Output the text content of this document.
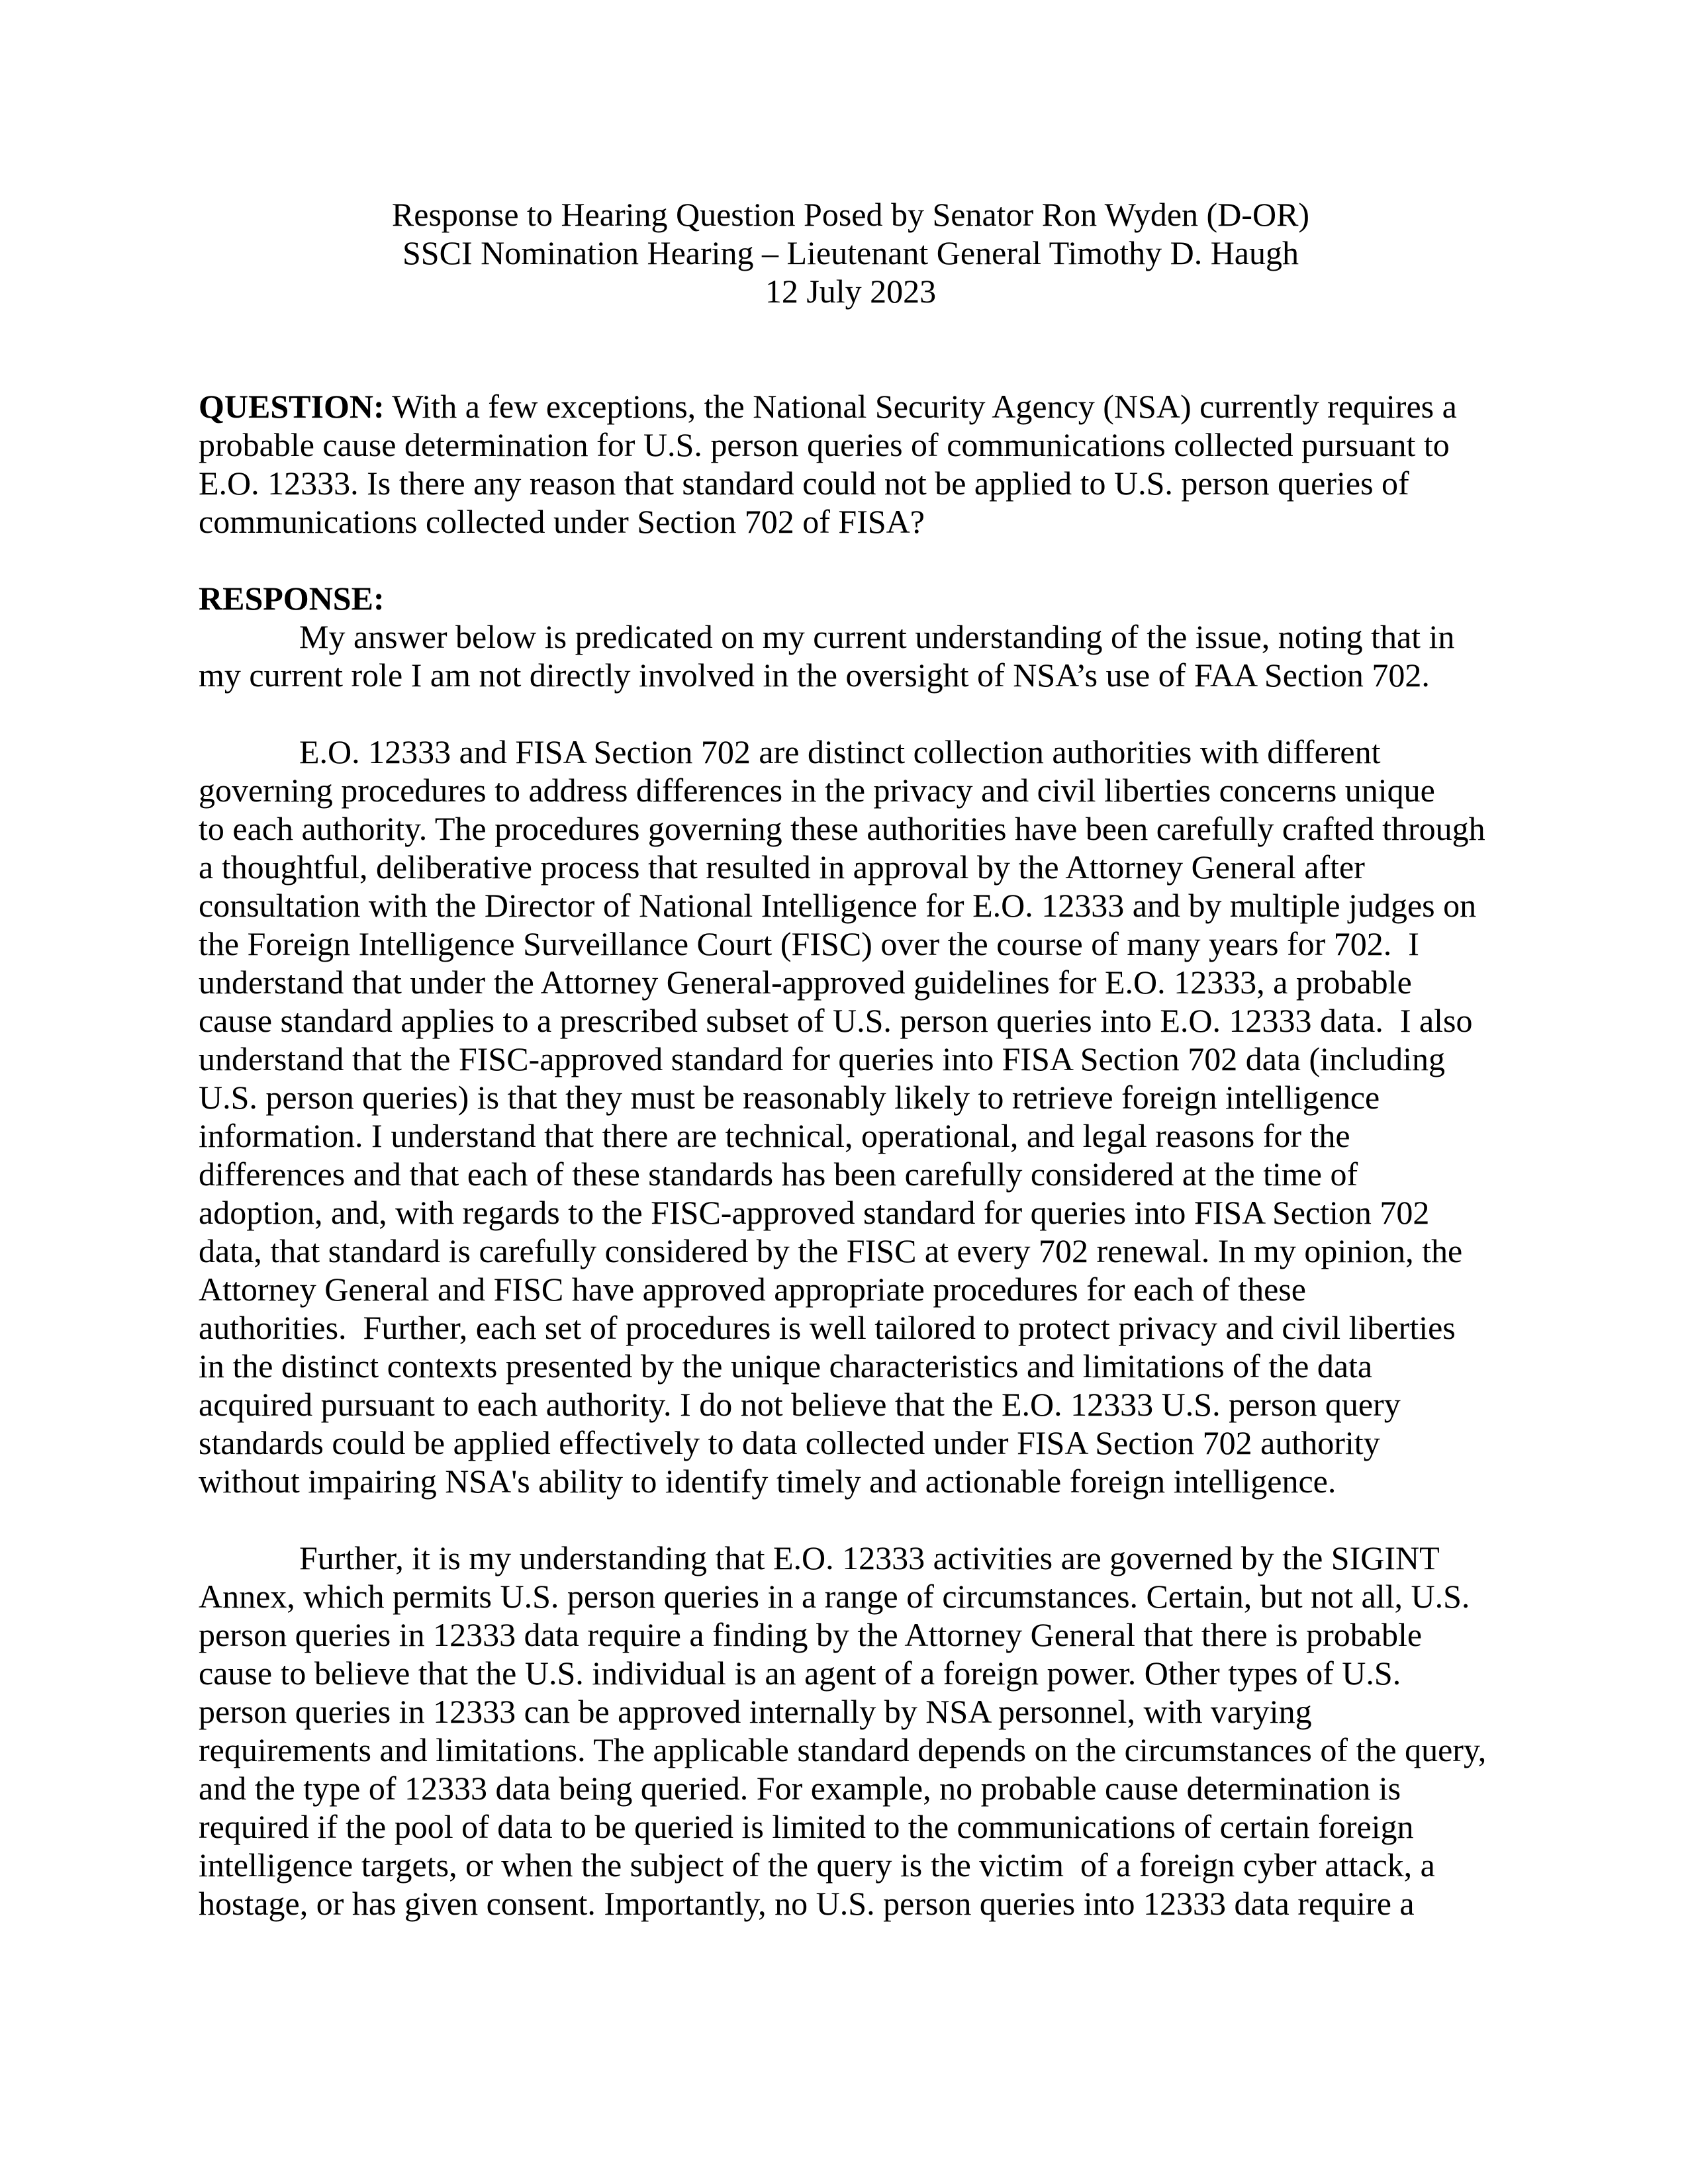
Response to Hearing Question Posed by Senator Ron Wyden (D-OR)
SSCI Nomination Hearing – Lieutenant General Timothy D. Haugh
12 July 2023
QUESTION: With a few exceptions, the National Security Agency (NSA) currently requires a
probable cause determination for U.S. person queries of communications collected pursuant to
E.O. 12333. Is there any reason that standard could not be applied to U.S. person queries of
communications collected under Section 702 of FISA?
RESPONSE:
My answer below is predicated on my current understanding of the issue, noting that in
my current role I am not directly involved in the oversight of NSA’s use of FAA Section 702.
E.O. 12333 and FISA Section 702 are distinct collection authorities with different
governing procedures to address differences in the privacy and civil liberties concerns unique
to each authority. The procedures governing these authorities have been carefully crafted through
a thoughtful, deliberative process that resulted in approval by the Attorney General after
consultation with the Director of National Intelligence for E.O. 12333 and by multiple judges on
the Foreign Intelligence Surveillance Court (FISC) over the course of many years for 702.  I
understand that under the Attorney General-approved guidelines for E.O. 12333, a probable
cause standard applies to a prescribed subset of U.S. person queries into E.O. 12333 data.  I also
understand that the FISC-approved standard for queries into FISA Section 702 data (including
U.S. person queries) is that they must be reasonably likely to retrieve foreign intelligence
information. I understand that there are technical, operational, and legal reasons for the
differences and that each of these standards has been carefully considered at the time of
adoption, and, with regards to the FISC-approved standard for queries into FISA Section 702
data, that standard is carefully considered by the FISC at every 702 renewal. In my opinion, the
Attorney General and FISC have approved appropriate procedures for each of these
authorities.  Further, each set of procedures is well tailored to protect privacy and civil liberties
in the distinct contexts presented by the unique characteristics and limitations of the data
acquired pursuant to each authority. I do not believe that the E.O. 12333 U.S. person query
standards could be applied effectively to data collected under FISA Section 702 authority
without impairing NSA's ability to identify timely and actionable foreign intelligence.
Further, it is my understanding that E.O. 12333 activities are governed by the SIGINT
Annex, which permits U.S. person queries in a range of circumstances. Certain, but not all, U.S.
person queries in 12333 data require a finding by the Attorney General that there is probable
cause to believe that the U.S. individual is an agent of a foreign power. Other types of U.S.
person queries in 12333 can be approved internally by NSA personnel, with varying
requirements and limitations. The applicable standard depends on the circumstances of the query,
and the type of 12333 data being queried. For example, no probable cause determination is
required if the pool of data to be queried is limited to the communications of certain foreign
intelligence targets, or when the subject of the query is the victim  of a foreign cyber attack, a
hostage, or has given consent. Importantly, no U.S. person queries into 12333 data require a
